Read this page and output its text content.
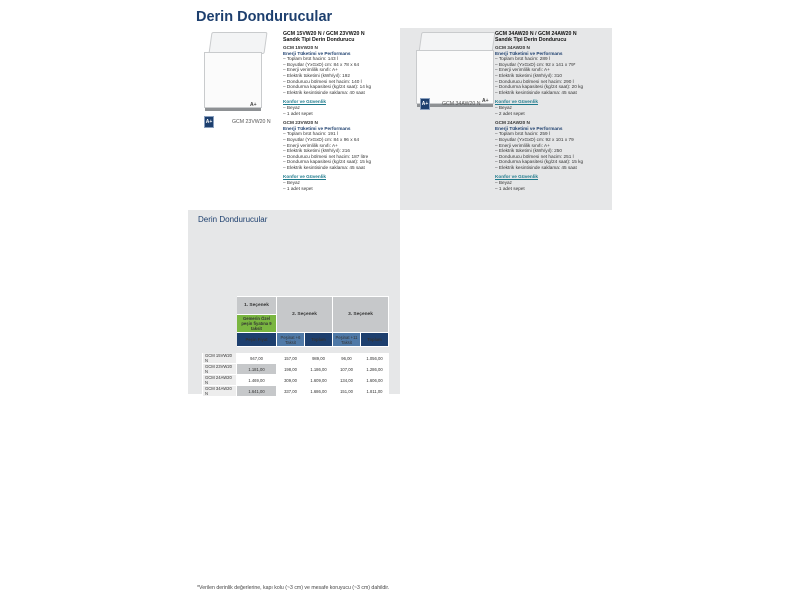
Derin Dondurucular
A+
A+	GCM 23VW20 N
GCM 15VW20 N / GCM 23VW20 N
Sandık Tipi Derin Dondurucu
GCM 15VW20 N
Enerji Tüketimi ve Performans
– Toplam brüt hacim: 143 l
– Boyutlar (YxGxD) cm: 84 x 78 x 64
– Enerji verimlilik sınıfı: A+
– Elektrik tüketimi (kWh/yıl): 192
– Dondurucu bölmesi net hacim: 140 l
– Dondurma kapasitesi (kg/24 saat): 14 kg
– Elektrik kesintisinde saklama: 40 saat
Konfor ve Güvenlik
– Beyaz
– 1 adet sepet
GCM 23VW20 N
Enerji Tüketimi ve Performans
– Toplam brüt hacim: 191 l
– Boyutlar (YxGxD) cm: 84 x 96 x 64
– Enerji verimlilik sınıfı: A+
– Elektrik tüketimi (kWh/yıl): 216
– Dondurucu bölmesi net hacim: 187 litre
– Dondurma kapasitesi (kg/24 saat): 15 kg
– Elektrik kesintisinde saklama: 45 saat
Konfor ve Güvenlik
– Beyaz
– 1 adet sepet
A+
A+	GCM 34AW20 N
GCM 34AW20 N / GCM 24AW20 N
Sandık Tipi Derin Dondurucu
GCM 34AW20 N
Enerji Tüketimi ve Performans
– Toplam brüt hacim: 289 l
– Boyutlar (YxGxD) cm: 92 x 141 x 79*
– Enerji verimlilik sınıfı: A+
– Elektrik tüketimi (kWh/yıl): 310
– Dondurucu bölmesi net hacim: 290 l
– Dondurma kapasitesi (kg/24 saat): 20 kg
– Elektrik kesintisinde saklama: 45 saat
Konfor ve Güvenlik
– Beyaz
– 2 adet sepet
GCM 24AW20 N
Enerji Tüketimi ve Performans
– Toplam brüt hacim: 259 l
– Boyutlar (YxGxD) cm: 92 x 101 x 79
– Enerji verimlilik sınıfı: A+
– Elektrik tüketimi (kWh/yıl): 250
– Dondurucu bölmesi net hacim: 251 l
– Dondurma kapasitesi (kg/24 saat): 15 kg
– Elektrik kesintisinde saklama: 45 saat
Konfor ve Güvenlik
– Beyaz
– 1 adet sepet
Derin Dondurucular
	1. Seçenek	2. Seçenek		3. Seçenek	
	Gemerin Özel peşin fiyatına 9 taksit				
	Peşin Fiyat	Peşinat +6 Taksit	Toplam	Peşinat +11 Taksit	Toplam

GCM 15VW20 N	947,00	157,00	989,00	96,00	1.056,00
GCM 23VW20 N	1.181,00	198,00	1.186,00	107,00	1.286,00
GCM 24AW20 N	1.469,00	309,00	1.609,00	134,00	1.606,00
GCM 34AW20 N	1.641,00	337,00	1.686,00	151,00	1.811,00
*Verilen derinlik değerlerine, kapı kolu (~3 cm) ve mesafe koruyucu (~3 cm) dahildir.
